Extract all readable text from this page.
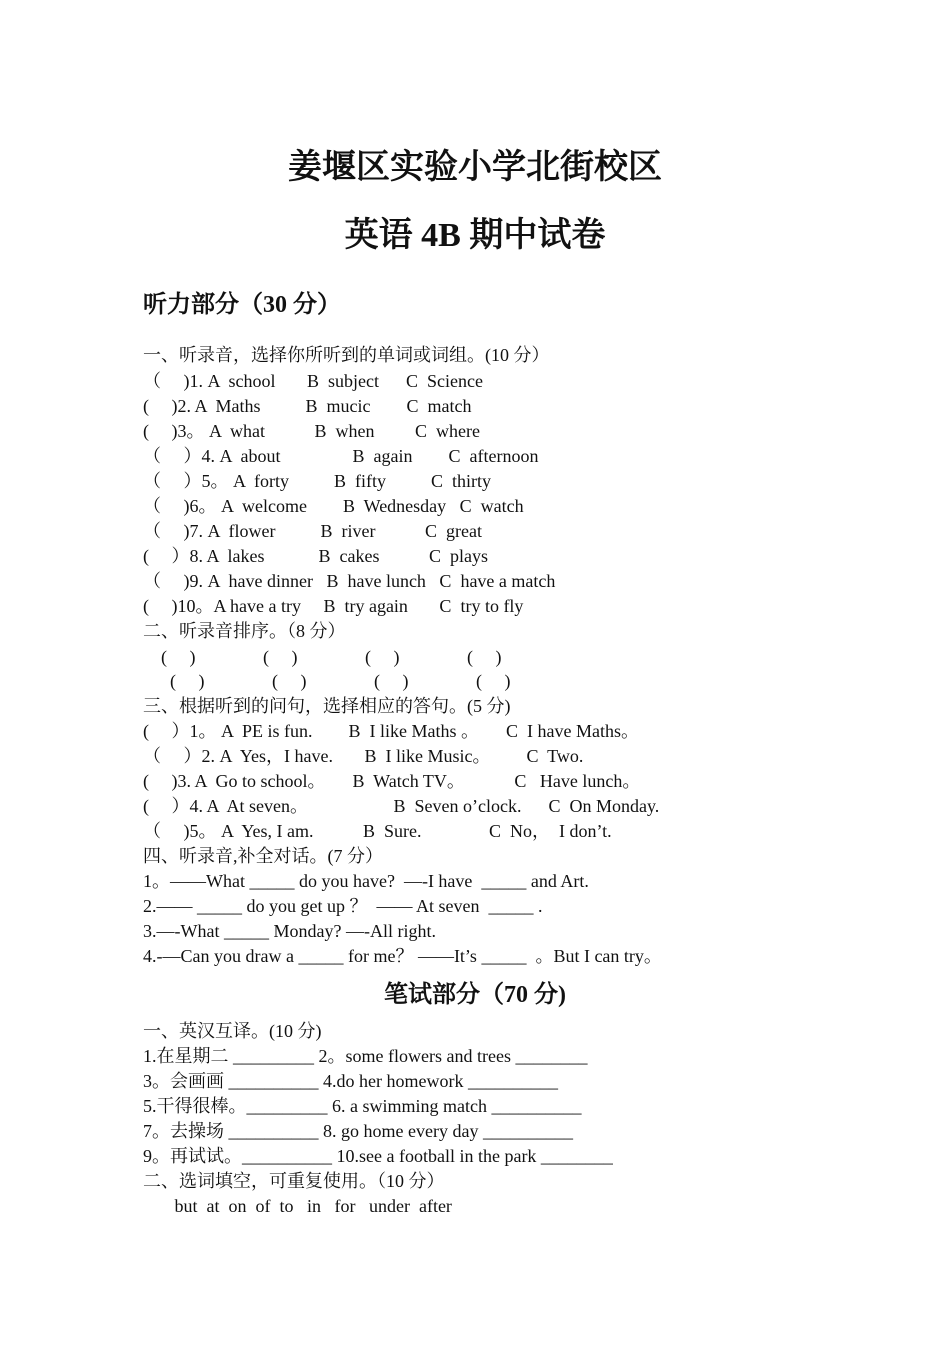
姜堰区实验小学北街校区
英语 4B 期中试卷
听力部分（30 分）
一、听录音，选择你所听到的单词或词组。(10 分）
（     )1. A  school       B  subject      C  Science
(     )2. A  Maths          B  mucic        C  match
(     )3。 A  what           B  when         C  where
（     ）4. A  about                B  again        C  afternoon
（     ）5。 A  forty          B  fifty          C  thirty
（     )6。 A  welcome        B  Wednesday   C  watch
（     )7. A  flower          B  river           C  great
(     ）8. A  lakes            B  cakes           C  plays
（     )9. A  have dinner   B  have lunch   C  have a match
(     )10。A have a try     B  try again       C  try to fly
二、听录音排序。（8 分）
(     )               (     )               (     )               (     )
(     )               (     )               (     )               (     )
三、根据听到的问句，选择相应的答句。(5 分)
(     ）1。 A  PE is fun.        B  I like Maths 。      C  I have Maths。
（     ）2. A  Yes，I have.       B  I like Music。        C  Two.
(     )3. A  Go to school。      B  Watch TV。           C   Have lunch。
(     ）4. A  At seven。                   B  Seven o’clock.      C  On Monday.
（     )5。 A  Yes, I am.           B  Sure.               C  No，  I don’t.
四、听录音,补全对话。(7 分）
1。——What _____ do you have?  —-I have  _____ and Art.
2.—— _____ do you get up ？  —— At seven  _____ .
3.—-What _____ Monday? —-All right.
4.-—Can you draw a _____ for me？ ——It’s _____  。But I can try。
笔试部分（70 分)
一、英汉互译。(10 分)
1.在星期二 _________ 2。some flowers and trees ________
3。会画画 __________ 4.do her homework __________
5.干得很棒。_________ 6. a swimming match __________
7。去操场 __________ 8. go home every day __________
9。再试试。__________ 10.see a football in the park ________
二、选词填空，可重复使用。（10 分）
but  at  on  of  to   in   for   under  after
